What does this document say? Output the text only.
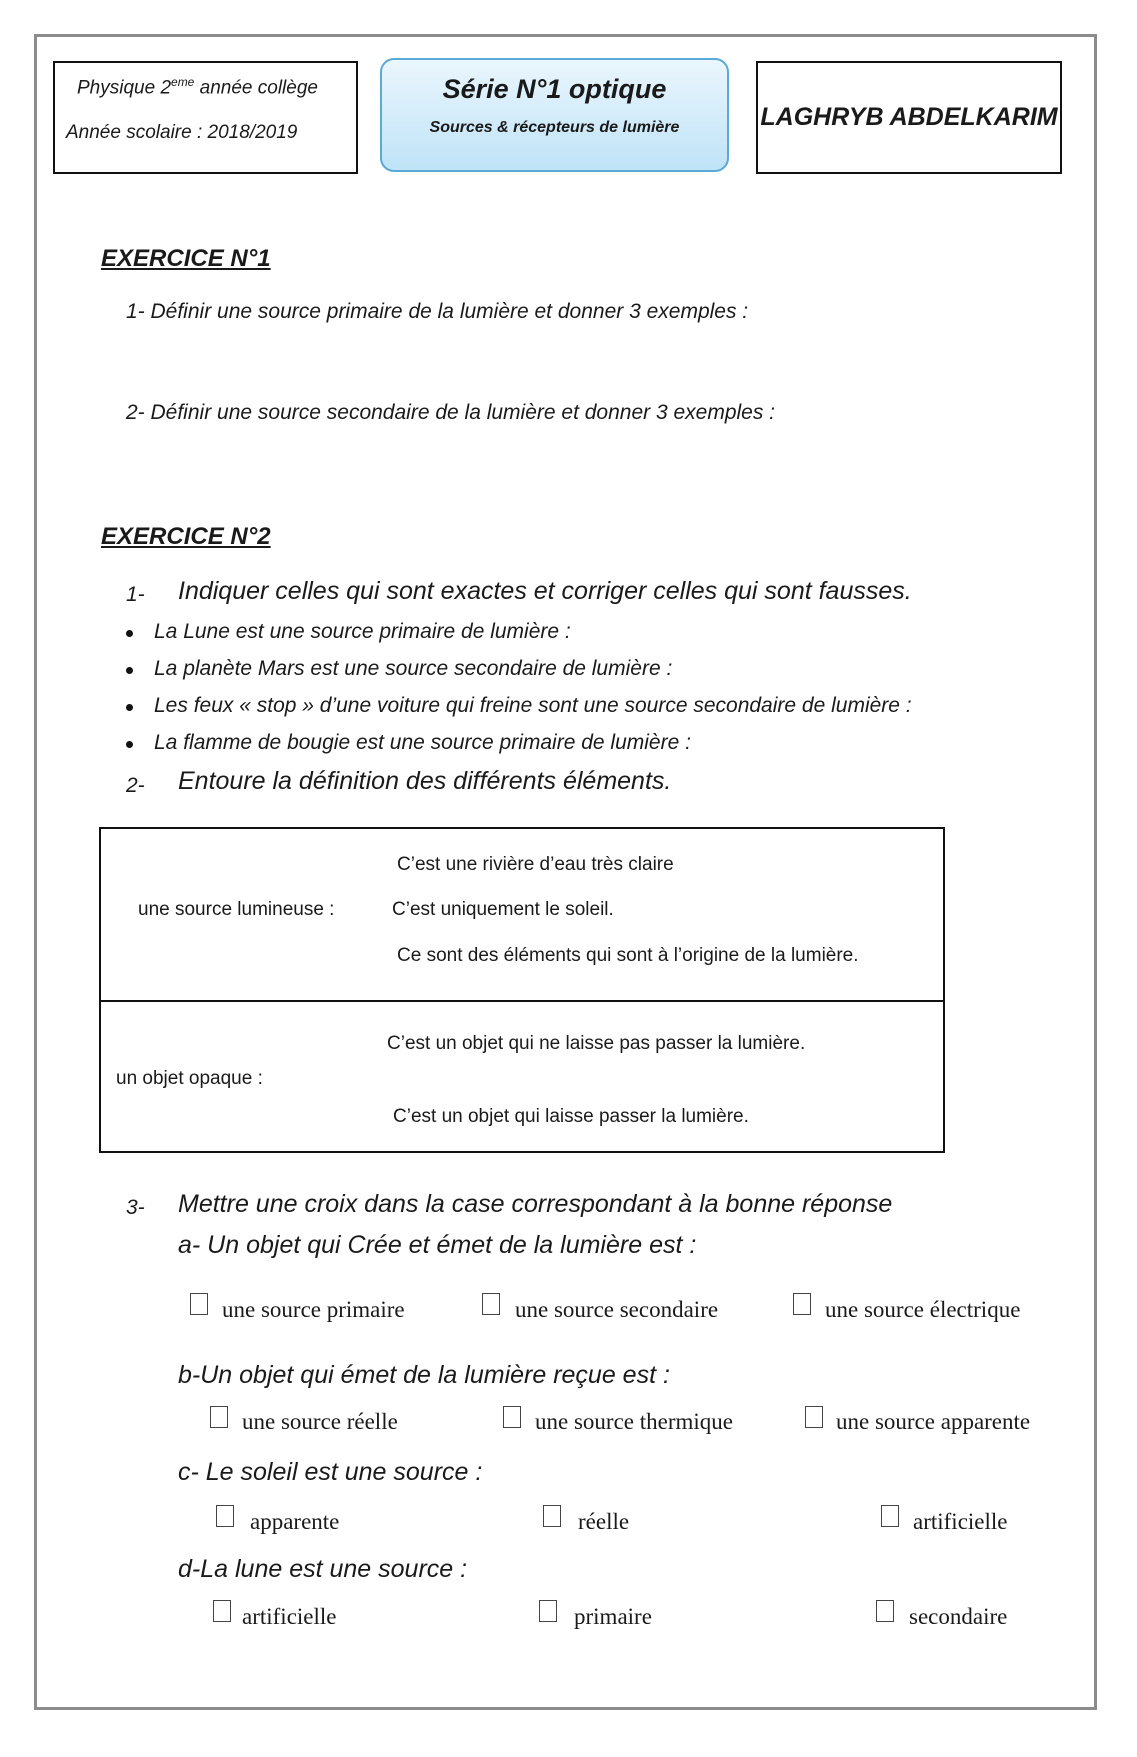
Physique 2eme année collège
Année scolaire : 2018/2019
Série N°1 optique
Sources & récepteurs de lumière	LAGHRYB ABDELKARIM
EXERCICE N°1
1- Définir une source primaire de la lumière et donner 3 exemples :
2- Définir une source secondaire de la lumière et donner 3 exemples :
EXERCICE N°2
1- Indiquer celles qui sont exactes et corriger celles qui sont fausses.
La Lune est une source primaire de lumière :
La planète Mars est une source secondaire de lumière :
Les feux « stop » d’une voiture qui freine sont une source secondaire de lumière :
La flamme de bougie est une source primaire de lumière :
2- Entoure la définition des différents éléments.
une source lumineuse :
C’est une rivière d’eau très claire
C’est uniquement le soleil.
Ce sont des éléments qui sont à l’origine de la lumière.
un objet opaque :
C’est un objet qui ne laisse pas passer la lumière.
C’est un objet qui laisse passer la lumière.
3- Mettre une croix dans la case correspondant à la bonne réponse
a- Un objet qui Crée et émet de la lumière est :
une source primaire	une source secondaire	une source électrique
b-Un objet qui émet de la lumière reçue est :
une source réelle	une source thermique	une source apparente
c- Le soleil est une source :
apparente	réelle	artificielle
d-La lune est une source :
artificielle	primaire	secondaire
